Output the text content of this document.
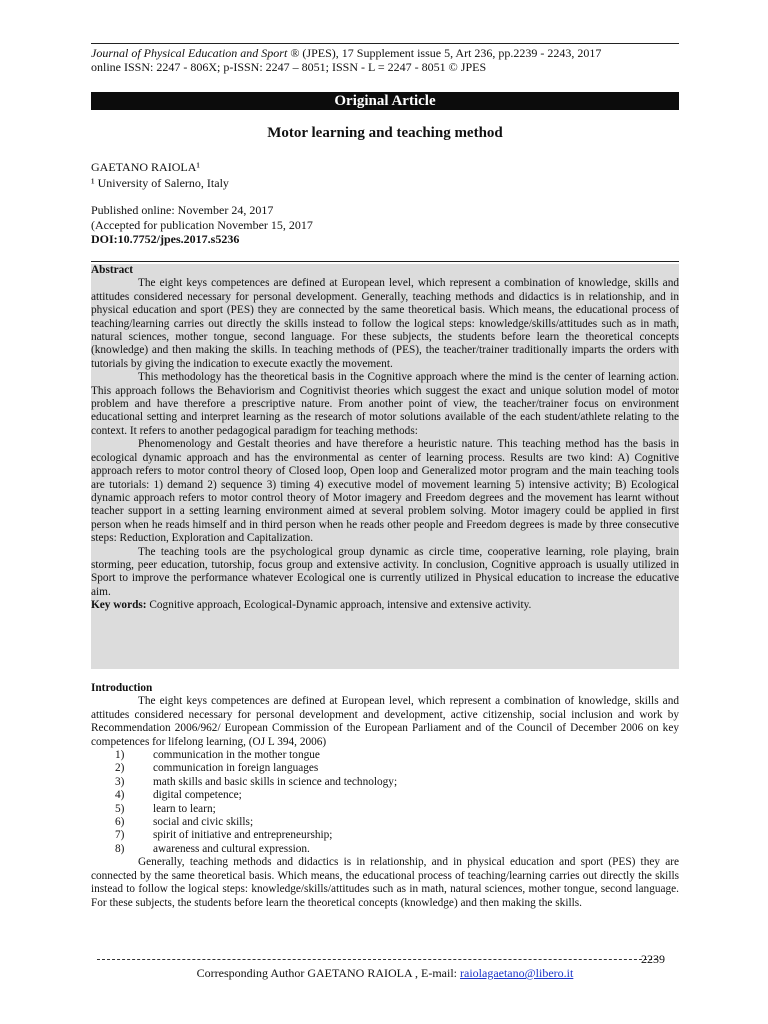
Journal of Physical Education and Sport ® (JPES), 17 Supplement issue 5, Art 236, pp.2239 - 2243, 2017
online ISSN: 2247 - 806X; p-ISSN: 2247 – 8051; ISSN - L = 2247 - 8051 © JPES
Original Article
Motor learning and teaching method
GAETANO RAIOLA¹
¹ University of Salerno, Italy
Published online: November 24, 2017
(Accepted for publication November 15, 2017
DOI:10.7752/jpes.2017.s5236
Abstract

The eight keys competences are defined at European level, which represent a combination of knowledge, skills and attitudes considered necessary for personal development. Generally, teaching methods and didactics is in relationship, and in physical education and sport (PES) they are connected by the same theoretical basis. Which means, the educational process of teaching/learning carries out directly the skills instead to follow the logical steps: knowledge/skills/attitudes such as in math, natural sciences, mother tongue, second language. For these subjects, the students before learn the theoretical concepts (knowledge) and then making the skills. In teaching methods of (PES), the teacher/trainer traditionally imparts the orders with tutorials by giving the indication to execute exactly the movement.

This methodology has the theoretical basis in the Cognitive approach where the mind is the center of learning action. This approach follows the Behaviorism and Cognitivist theories which suggest the exact and unique solution model of motor problem and have therefore a prescriptive nature. From another point of view, the teacher/trainer focus on environment educational setting and interpret learning as the research of motor solutions available of the each student/athlete relating to the context. It refers to another pedagogical paradigm for teaching methods:

Phenomenology and Gestalt theories and have therefore a heuristic nature. This teaching method has the basis in ecological dynamic approach and has the environmental as center of learning process. Results are two kind: A) Cognitive approach refers to motor control theory of Closed loop, Open loop and Generalized motor program and the main teaching tools are tutorials: 1) demand 2) sequence 3) timing 4) executive model of movement learning 5) intensive activity; B) Ecological dynamic approach refers to motor control theory of Motor imagery and Freedom degrees and the movement has learnt without teacher support in a setting learning environment aimed at several problem solving. Motor imagery could be applied in first person when he reads himself and in third person when he reads other people and Freedom degrees is made by three consecutive steps: Reduction, Exploration and Capitalization.

The teaching tools are the psychological group dynamic as circle time, cooperative learning, role playing, brain storming, peer education, tutorship, focus group and extensive activity. In conclusion, Cognitive approach is usually utilized in Sport to improve the performance whatever Ecological one is currently utilized in Physical education to increase the educative aim.

Key words: Cognitive approach, Ecological-Dynamic approach, intensive and extensive activity.
Introduction

The eight keys competences are defined at European level, which represent a combination of knowledge, skills and attitudes considered necessary for personal development and development, active citizenship, social inclusion and work by Recommendation 2006/962/ European Commission of the European Parliament and of the Council of December 2006 on key competences for lifelong learning, (OJ L 394, 2006)

1)	communication in the mother tongue
2)	communication in foreign languages
3)	math skills and basic skills in science and technology;
4)	digital competence;
5)	learn to learn;
6)	social and civic skills;
7)	spirit of initiative and entrepreneurship;
8)	awareness and cultural expression.

Generally, teaching methods and didactics is in relationship, and in physical education and sport (PES) they are connected by the same theoretical basis. Which means, the educational process of teaching/learning carries out directly the skills instead to follow the logical steps: knowledge/skills/attitudes such as in math, natural sciences, mother tongue, second language. For these subjects, the students before learn the theoretical concepts (knowledge) and then making the skills.

2239
Corresponding Author GAETANO RAIOLA , E-mail: raiolagaetano@libero.it
